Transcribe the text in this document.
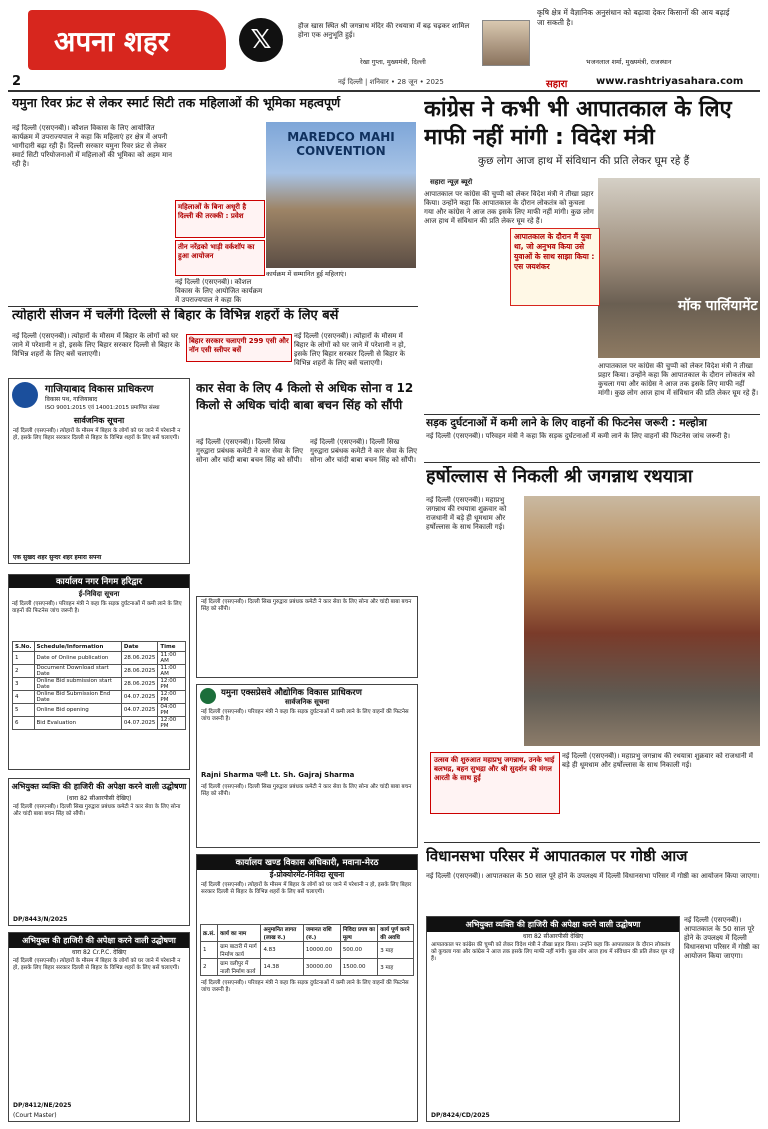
अपना शहर	𝕏	हौज खास स्थित श्री जगन्नाथ मंदिर की रथयात्रा में बढ़ चढ़कर शामिल होना एक अनुभूति हुई।
रेखा गुप्ता, मुख्यमंत्री, दिल्ली
कृषि क्षेत्र में वैज्ञानिक अनुसंधान को बढ़ावा देकर किसानों की आय बढ़ाई जा सकती है।
भजनलाल शर्मा, मुख्यमंत्री, राजस्थान
2	नई दिल्ली | शनिवार • 28 जून • 2025	सहारा	www.rashtriyasahara.com
यमुना रिवर फ्रंट से लेकर स्मार्ट सिटी तक महिलाओं की भूमिका महत्वपूर्ण
नई दिल्ली (एसएनबी)। कौशल विकास के लिए आयोजित कार्यक्रम में उपराज्यपाल ने कहा कि महिलाएं हर क्षेत्र में अपनी भागीदारी बढ़ा रही हैं। दिल्ली सरकार यमुना रिवर फ्रंट से लेकर स्मार्ट सिटी परियोजनाओं में महिलाओं की भूमिका को अहम मान रही है।
महिलाओं के बिना अधूरी है दिल्ली की तरक्की : प्रवेश
तीन नरेंद्रको भाड़ी वर्कशॉप का हुआ आयोजन
नई दिल्ली (एसएनबी)। कौशल विकास के लिए आयोजित कार्यक्रम में उपराज्यपाल ने कहा कि
MAREDCO MAHI CONVENTION
कार्यक्रम में सम्मानित हुई महिलाएं।
कांग्रेस ने कभी भी आपातकाल के लिए माफी नहीं मांगी : विदेश मंत्री
कुछ लोग आज हाथ में संविधान की प्रति लेकर घूम रहे हैं
सहारा न्यूज़ ब्यूरो
आपातकाल पर कांग्रेस की चुप्पी को लेकर विदेश मंत्री ने तीखा प्रहार किया। उन्होंने कहा कि आपातकाल के दौरान लोकतंत्र को कुचला गया और कांग्रेस ने आज तक इसके लिए माफी नहीं मांगी। कुछ लोग आज हाथ में संविधान की प्रति लेकर घूम रहे हैं।
मॉक पार्लियामेंट
आपातकाल के दौरान मैं युवा था, जो अनुभव किया उसे युवाओं के साथ साझा किया : एस जयशंकर
आपातकाल पर कांग्रेस की चुप्पी को लेकर विदेश मंत्री ने तीखा प्रहार किया। उन्होंने कहा कि आपातकाल के दौरान लोकतंत्र को कुचला गया और कांग्रेस ने आज तक इसके लिए माफी नहीं मांगी। कुछ लोग आज हाथ में संविधान की प्रति लेकर घूम रहे हैं।
त्योहारी सीजन में चलेंगी दिल्ली से बिहार के विभिन्न शहरों के लिए बसें
नई दिल्ली (एसएनबी)। त्योहारों के मौसम में बिहार के लोगों को घर जाने में परेशानी न हो, इसके लिए बिहार सरकार दिल्ली से बिहार के विभिन्न शहरों के लिए बसें चलाएगी।
बिहार सरकार चलाएगी 299 एसी और नॉन एसी स्लीपर बसें
नई दिल्ली (एसएनबी)। त्योहारों के मौसम में बिहार के लोगों को घर जाने में परेशानी न हो, इसके लिए बिहार सरकार दिल्ली से बिहार के विभिन्न शहरों के लिए बसें चलाएगी।
गाजियाबाद विकास प्राधिकरण
विकास पथ, गाजियाबाद
ISO 9001:2015 एवं 14001:2015 प्रमाणित संस्था
सार्वजनिक सूचना
नई दिल्ली (एसएनबी)। त्योहारों के मौसम में बिहार के लोगों को घर जाने में परेशानी न हो, इसके लिए बिहार सरकार दिल्ली से बिहार के विभिन्न शहरों के लिए बसें चलाएगी।
एक सुखद शहर सुन्दर शहर हमारा सपना
कार सेवा के लिए 4 किलो से अधिक सोना व 12 किलो से अधिक चांदी बाबा बचन सिंह को सौंपी
नई दिल्ली (एसएनबी)। दिल्ली सिख गुरुद्वारा प्रबंधक कमेटी ने कार सेवा के लिए सोना और चांदी बाबा बचन सिंह को सौंपी।
नई दिल्ली (एसएनबी)। दिल्ली सिख गुरुद्वारा प्रबंधक कमेटी ने कार सेवा के लिए सोना और चांदी बाबा बचन सिंह को सौंपी।
सड़क दुर्घटनाओं में कमी लाने के लिए वाहनों की फिटनेस जरूरी : मल्होत्रा
नई दिल्ली (एसएनबी)। परिवहन मंत्री ने कहा कि सड़क दुर्घटनाओं में कमी लाने के लिए वाहनों की फिटनेस जांच जरूरी है।
हर्षोल्लास से निकली श्री जगन्नाथ रथयात्रा
नई दिल्ली (एसएनबी)। महाप्रभु जगन्नाथ की रथयात्रा शुक्रवार को राजधानी में बड़े ही धूमधाम और हर्षोल्लास के साथ निकाली गई।
उत्सव की शुरुआत महाप्रभु जगन्नाथ, उनके भाई बलभद्र, बहन सुभद्रा और श्री सुदर्शन की मंगल आरती के साथ हुई
नई दिल्ली (एसएनबी)। महाप्रभु जगन्नाथ की रथयात्रा शुक्रवार को राजधानी में बड़े ही धूमधाम और हर्षोल्लास के साथ निकाली गई।
कार्यालय नगर निगम हरिद्वार
ई-निविदा सूचना
नई दिल्ली (एसएनबी)। परिवहन मंत्री ने कहा कि सड़क दुर्घटनाओं में कमी लाने के लिए वाहनों की फिटनेस जांच जरूरी है।
S.No.	Schedule/Information	Date	Time
1	Date of Online publication	28.06.2025	11:00 AM
2	Document Download start Date	28.06.2025	11:00 AM
3	Online Bid submission start Date	28.06.2025	12:00 PM
4	Online Bid Submission End Date	04.07.2025	12:00 PM
5	Online Bid opening	04.07.2025	04:00 PM
6	Bid Evaluation	04.07.2025	12:00 PM
अभियुक्त व्यक्ति की हाजिरी की अपेक्षा करने वाली उद्घोषणा
(धारा 82 सीआरपीसी देखिए)
नई दिल्ली (एसएनबी)। दिल्ली सिख गुरुद्वारा प्रबंधक कमेटी ने कार सेवा के लिए सोना और चांदी बाबा बचन सिंह को सौंपी।
DP/8443/N/2025
अभियुक्त की हाजिरी की अपेक्षा करने वाली उद्घोषणा
धारा 82 Cr.P.C. देखिए
नई दिल्ली (एसएनबी)। त्योहारों के मौसम में बिहार के लोगों को घर जाने में परेशानी न हो, इसके लिए बिहार सरकार दिल्ली से बिहार के विभिन्न शहरों के लिए बसें चलाएगी।
DP/8412/NE/2025
(Court Master)
नई दिल्ली (एसएनबी)। दिल्ली सिख गुरुद्वारा प्रबंधक कमेटी ने कार सेवा के लिए सोना और चांदी बाबा बचन सिंह को सौंपी।
यमुना एक्सप्रेसवे औद्योगिक विकास प्राधिकरण
सार्वजनिक सूचना
नई दिल्ली (एसएनबी)। परिवहन मंत्री ने कहा कि सड़क दुर्घटनाओं में कमी लाने के लिए वाहनों की फिटनेस जांच जरूरी है।
Rajni Sharma पत्नी Lt. Sh. Gajraj Sharma
नई दिल्ली (एसएनबी)। दिल्ली सिख गुरुद्वारा प्रबंधक कमेटी ने कार सेवा के लिए सोना और चांदी बाबा बचन सिंह को सौंपी।
कार्यालय खण्ड विकास अधिकारी, मवाना-मेरठ
ई-प्रोक्योरमेंट-निविदा सूचना
नई दिल्ली (एसएनबी)। त्योहारों के मौसम में बिहार के लोगों को घर जाने में परेशानी न हो, इसके लिए बिहार सरकार दिल्ली से बिहार के विभिन्न शहरों के लिए बसें चलाएगी।
क्र.सं.	कार्य का नाम	अनुमानित लागत (लाख रु.)	जमानत राशि (रु.)	निविदा प्रपत्र का मूल्य	कार्य पूर्ण करने की अवधि
1	ग्राम बाटारी में मार्ग निर्माण कार्य	4.83	10000.00	500.00	3 माह
2	ग्राम वलीपुर में नाली निर्माण कार्य	14.38	30000.00	1500.00	3 माह
नई दिल्ली (एसएनबी)। परिवहन मंत्री ने कहा कि सड़क दुर्घटनाओं में कमी लाने के लिए वाहनों की फिटनेस जांच जरूरी है।
विधानसभा परिसर में आपातकाल पर गोष्ठी आज
नई दिल्ली (एसएनबी)। आपातकाल के 50 साल पूरे होने के उपलक्ष्य में दिल्ली विधानसभा परिसर में गोष्ठी का आयोजन किया जाएगा।
अभियुक्त व्यक्ति की हाजिरी की अपेक्षा करने वाली उद्घोषणा
धारा 82 सीआरपीसी देखिए
आपातकाल पर कांग्रेस की चुप्पी को लेकर विदेश मंत्री ने तीखा प्रहार किया। उन्होंने कहा कि आपातकाल के दौरान लोकतंत्र को कुचला गया और कांग्रेस ने आज तक इसके लिए माफी नहीं मांगी। कुछ लोग आज हाथ में संविधान की प्रति लेकर घूम रहे हैं।
DP/8424/CD/2025
नई दिल्ली (एसएनबी)। आपातकाल के 50 साल पूरे होने के उपलक्ष्य में दिल्ली विधानसभा परिसर में गोष्ठी का आयोजन किया जाएगा।
